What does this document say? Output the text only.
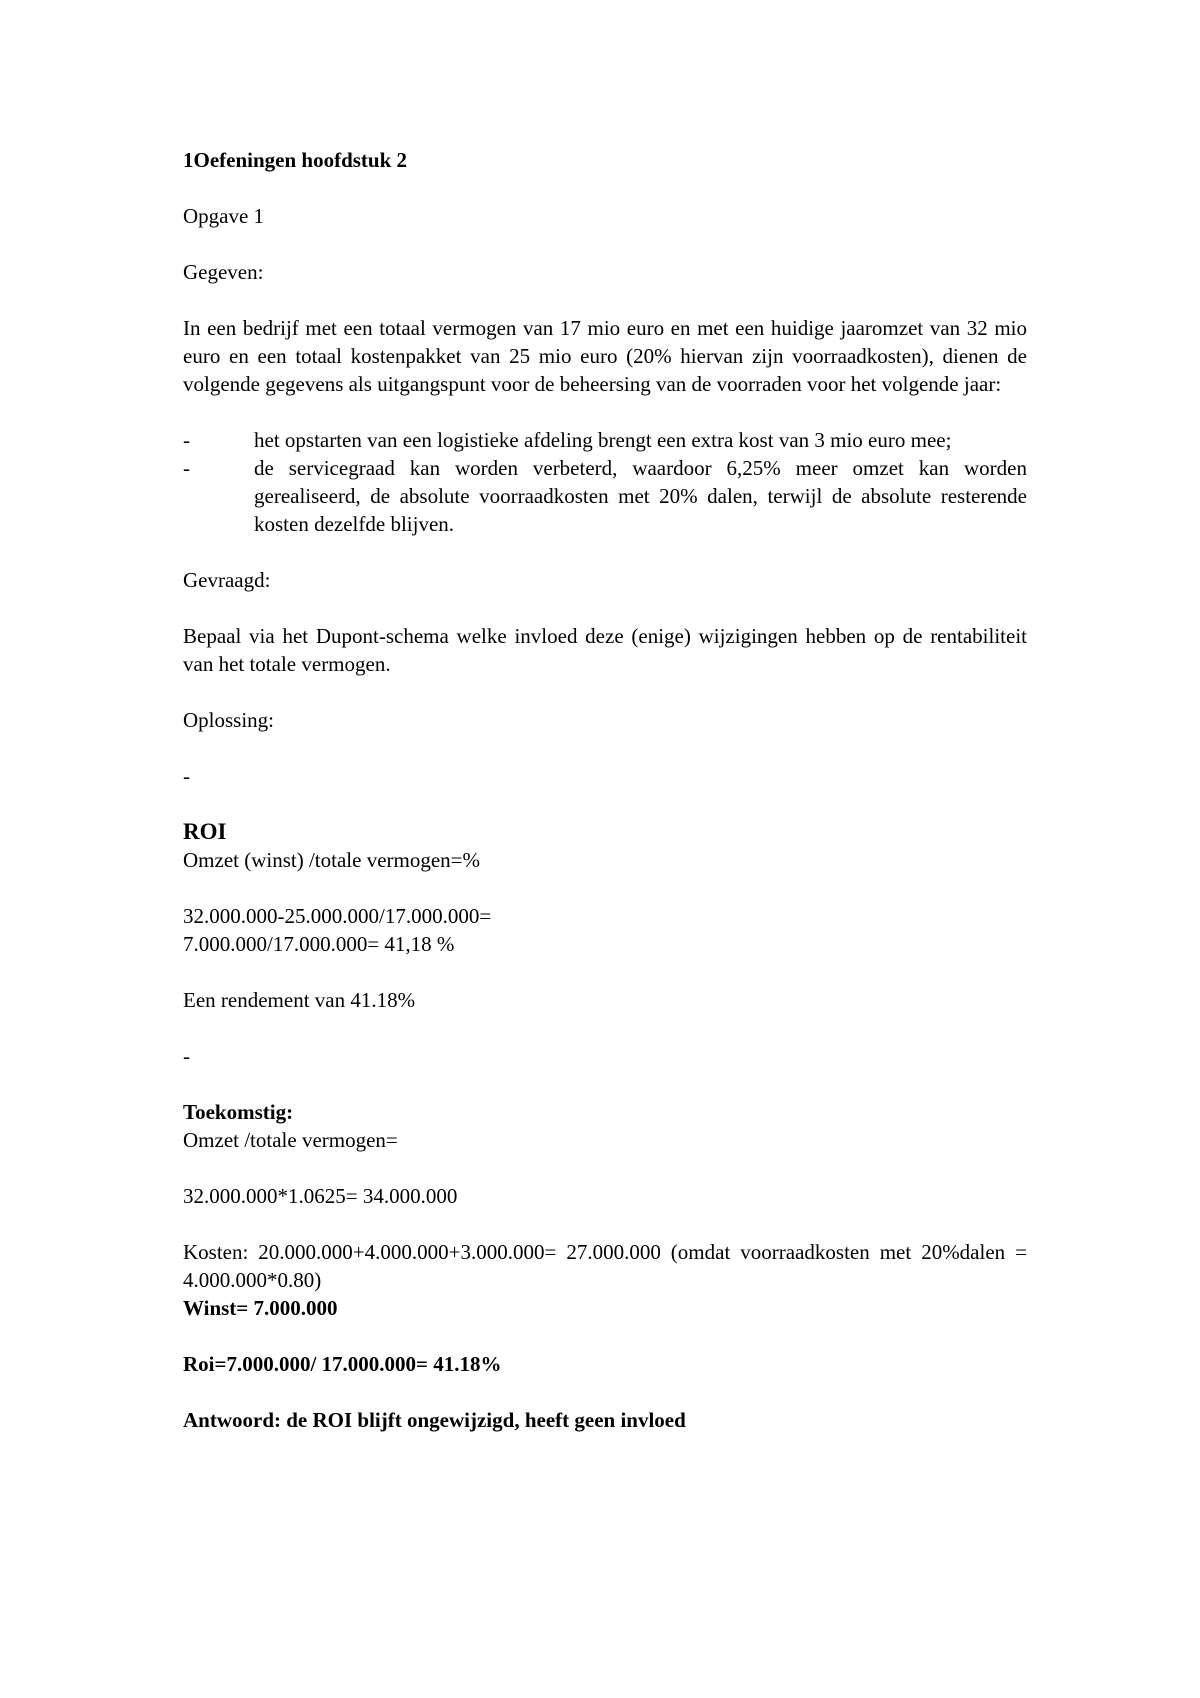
1Oefeningen hoofdstuk 2

Opgave 1

Gegeven:

In een bedrijf met een totaal vermogen van 17 mio euro en met een huidige jaaromzet van 32 mio euro en een totaal kostenpakket van 25 mio euro (20% hiervan zijn voorraadkosten), dienen de volgende gegevens als uitgangspunt voor de beheersing van de voorraden voor het volgende jaar:

-	het opstarten van een logistieke afdeling brengt een extra kost van 3 mio euro mee;
-	de servicegraad kan worden verbeterd, waardoor 6,25% meer omzet kan worden gerealiseerd, de absolute voorraadkosten met 20% dalen, terwijl de absolute resterende kosten dezelfde blijven.

Gevraagd:

Bepaal via het Dupont-schema welke invloed deze (enige) wijzigingen hebben op de rentabiliteit van het totale vermogen.

Oplossing:

-

ROI

Omzet (winst) /totale vermogen=%

32.000.000-25.000.000/17.000.000=

7.000.000/17.000.000= 41,18 %

Een rendement van 41.18%

-

Toekomstig:

Omzet /totale vermogen=

32.000.000*1.0625= 34.000.000

Kosten: 20.000.000+4.000.000+3.000.000= 27.000.000 (omdat voorraadkosten met 20%dalen = 4.000.000*0.80)

Winst= 7.000.000

Roi=7.000.000/ 17.000.000= 41.18%

Antwoord: de ROI blijft ongewijzigd, heeft geen invloed
